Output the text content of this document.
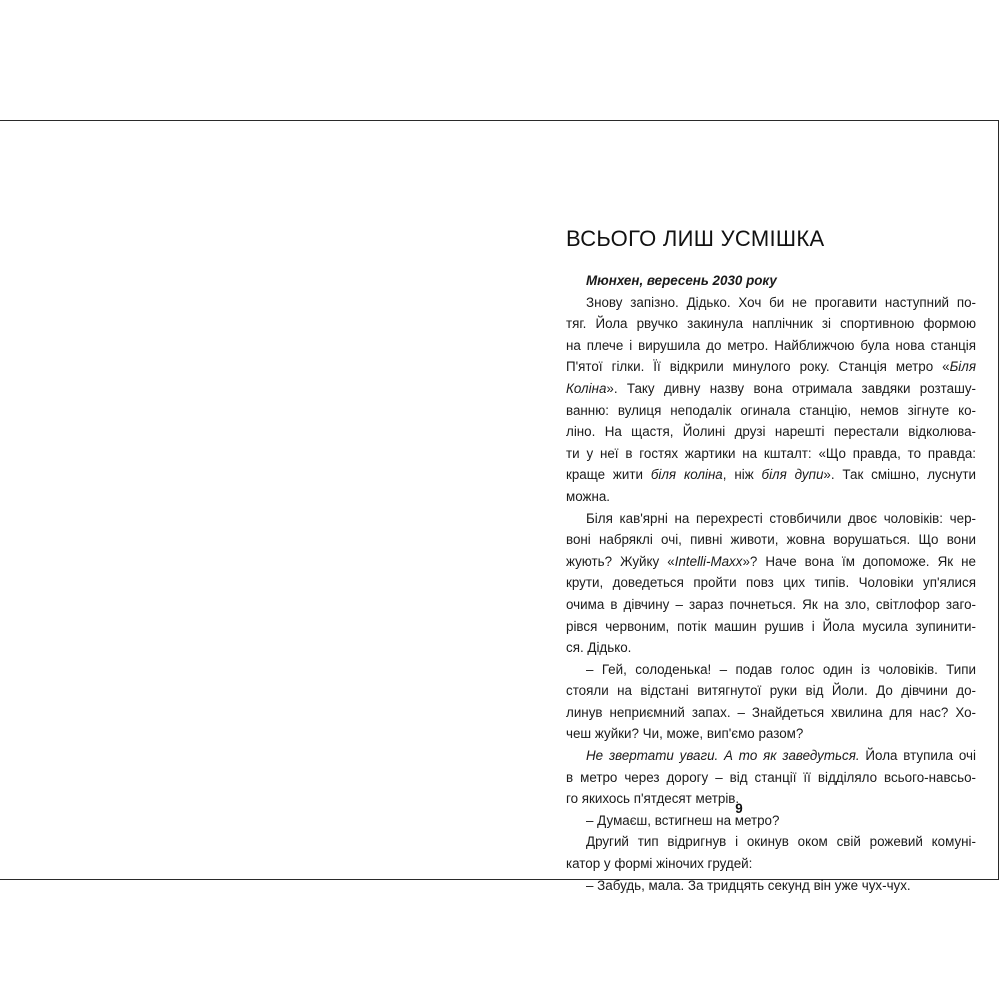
ВСЬОГО ЛИШ УСМІШКА
Мюнхен, вересень 2030 року
Знову запізно. Дідько. Хоч би не прогавити наступний по-
тяг. Йола рвучко закинула наплічник зі спортивною формою
на плече і вирушила до метро. Найближчою була нова станція
П'ятої гілки. Її відкрили минулого року. Станція метро «Біля
Коліна». Таку дивну назву вона отримала завдяки розташу-
ванню: вулиця неподалік огинала станцію, немов зігнуте ко-
ліно. На щастя, Йолині друзі нарешті перестали відколюва-
ти у неї в гостях жартики на кшталт: «Що правда, то правда:
краще жити біля коліна, ніж біля дупи». Так смішно, луснути
можна.
Біля кав'ярні на перехресті стовбичили двоє чоловіків: чер-
воні набряклі очі, пивні животи, жовна ворушаться. Що вони
жують? Жуйку «Intelli-Maxx»? Наче вона їм допоможе. Як не
крути, доведеться пройти повз цих типів. Чоловіки уп'ялися
очима в дівчину – зараз почнеться. Як на зло, світлофор заго-
рівся червоним, потік машин рушив і Йола мусила зупинити-
ся. Дідько.
– Гей, солоденька! – подав голос один із чоловіків. Типи
стояли на відстані витягнутої руки від Йоли. До дівчини до-
линув неприємний запах. – Знайдеться хвилина для нас? Хо-
чеш жуйки? Чи, може, вип'ємо разом?
Не звертати уваги. А то як заведуться. Йола втупила очі
в метро через дорогу – від станції її відділяло всього-навсьо-
го якихось п'ятдесят метрів.
– Думаєш, встигнеш на метро?
Другий тип відригнув і окинув оком свій рожевий комуні-
катор у формі жіночих грудей:
– Забудь, мала. За тридцять секунд він уже чух-чух.
9
